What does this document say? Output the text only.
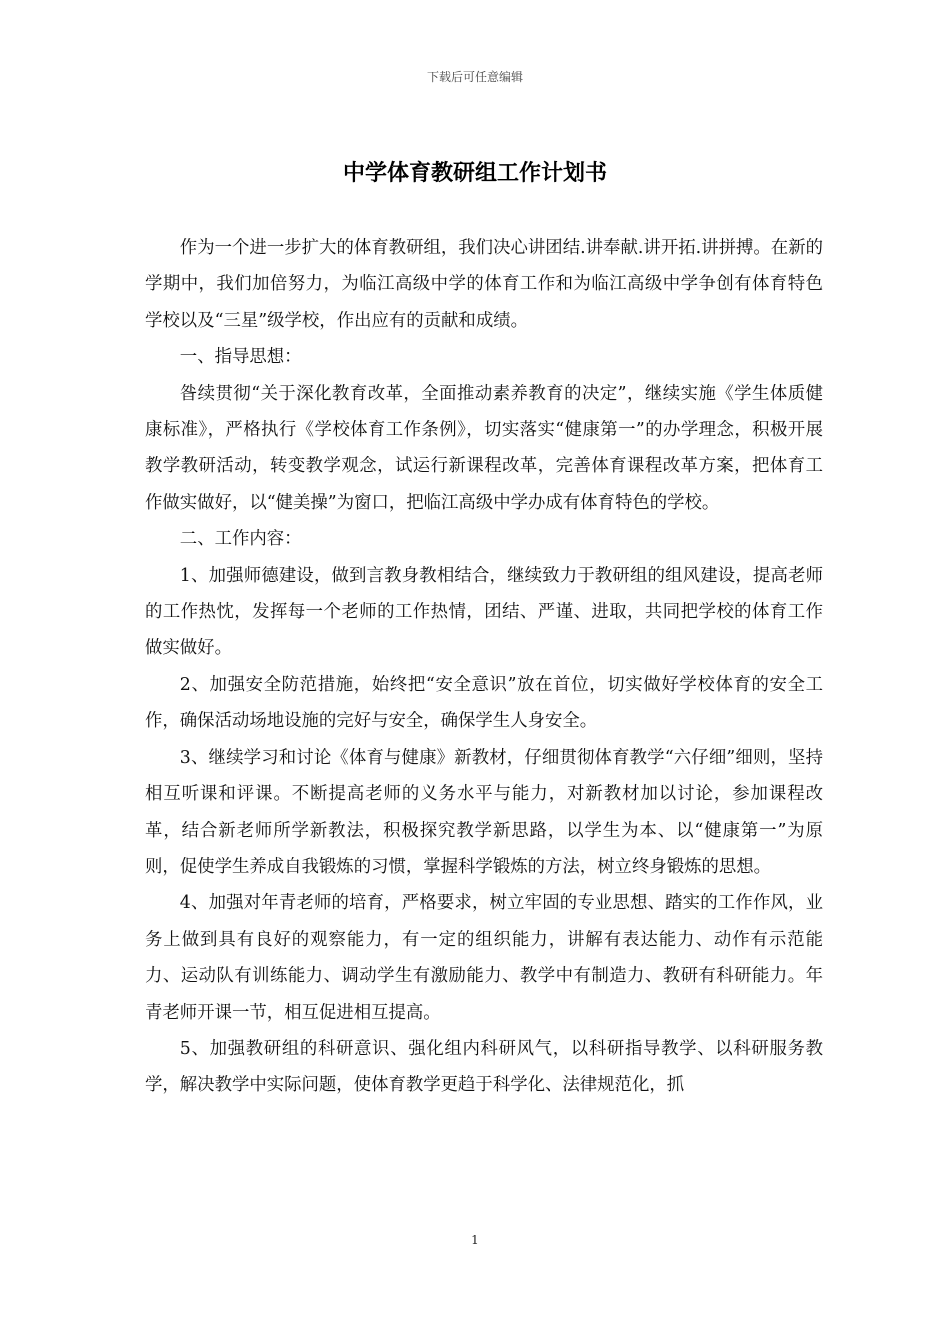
下载后可任意编辑
中学体育教研组工作计划书

作为一个进一步扩大的体育教研组，我们决心讲团结.讲奉献.讲开拓.讲拼搏。在新的学期中，我们加倍努力，为临江高级中学的体育工作和为临江高级中学争创有体育特色学校以及“三星”级学校，作出应有的贡献和成绩。

一、指导思想：

昝续贯彻“关于深化教育改革，全面推动素养教育的决定”，继续实施《学生体质健康标准》，严格执行《学校体育工作条例》，切实落实“健康第一”的办学理念，积极开展教学教研活动，转变教学观念，试运行新课程改革，完善体育课程改革方案，把体育工作做实做好，以“健美操”为窗口，把临江高级中学办成有体育特色的学校。

二、工作内容：

1、加强师德建设，做到言教身教相结合，继续致力于教研组的组风建设，提高老师的工作热忱，发挥每一个老师的工作热情，团结、严谨、进取，共同把学校的体育工作做实做好。

2、加强安全防范措施，始终把“安全意识”放在首位，切实做好学校体育的安全工作，确保活动场地设施的完好与安全，确保学生人身安全。

3、继续学习和讨论《体育与健康》新教材，仔细贯彻体育教学“六仔细”细则，坚持相互听课和评课。不断提高老师的义务水平与能力，对新教材加以讨论，参加课程改革，结合新老师所学新教法，积极探究教学新思路，以学生为本、以“健康第一”为原则，促使学生养成自我锻炼的习惯，掌握科学锻炼的方法，树立终身锻炼的思想。

4、加强对年青老师的培育，严格要求，树立牢固的专业思想、踏实的工作作风，业务上做到具有良好的观察能力，有一定的组织能力，讲解有表达能力、动作有示范能力、运动队有训练能力、调动学生有激励能力、教学中有制造力、教研有科研能力。年青老师开课一节，相互促进相互提高。

5、加强教研组的科研意识、强化组内科研风气，以科研指导教学、以科研服务教学，解决教学中实际问题，使体育教学更趋于科学化、法律规范化，抓

1
